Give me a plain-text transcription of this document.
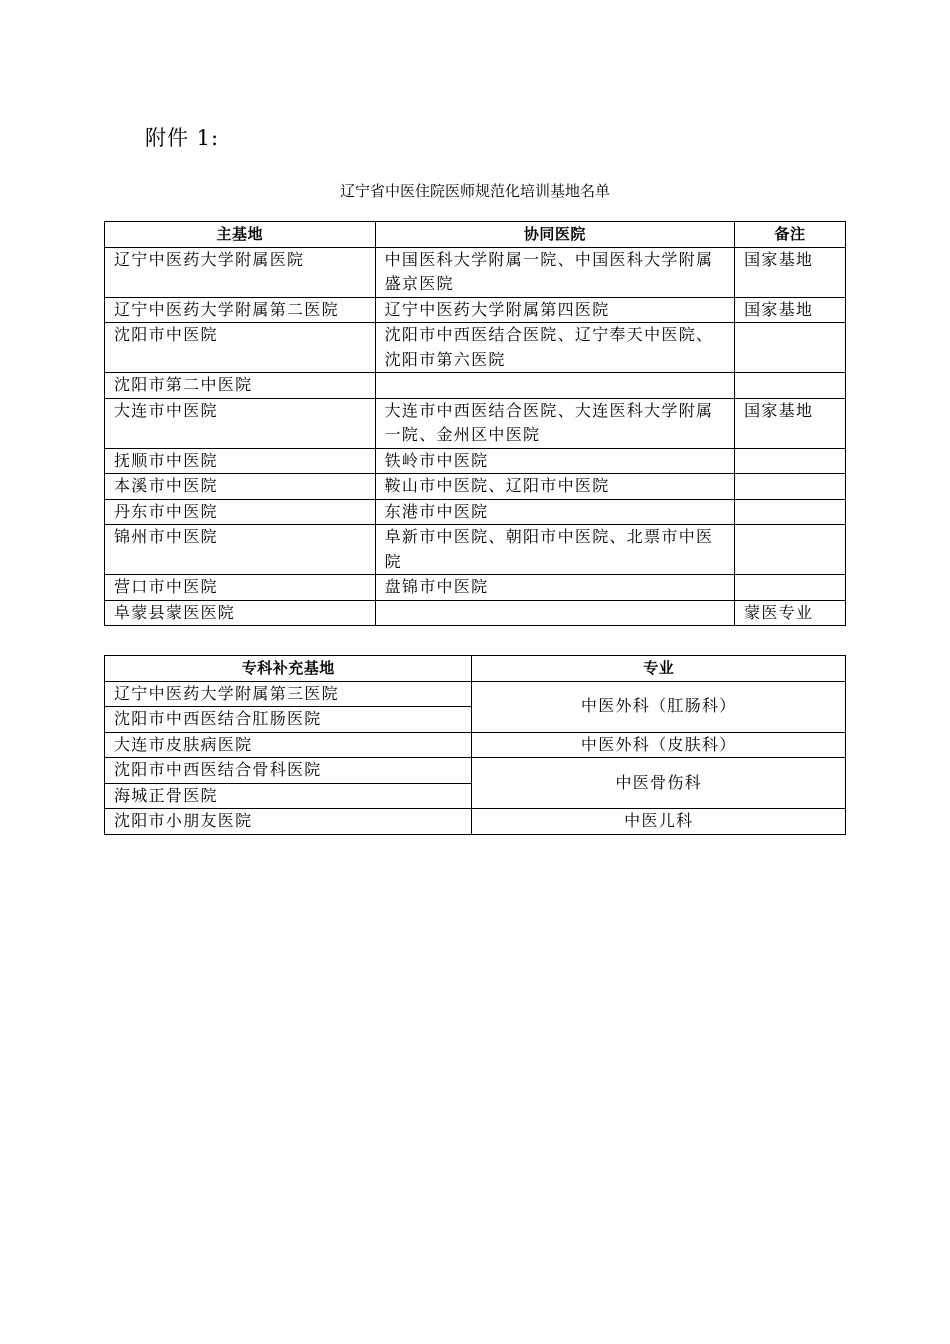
附件 1:
辽宁省中医住院医师规范化培训基地名单
主基地	协同医院	备注
辽宁中医药大学附属医院	中国医科大学附属一院、中国医科大学附属盛京医院	国家基地
辽宁中医药大学附属第二医院	辽宁中医药大学附属第四医院	国家基地
沈阳市中医院	沈阳市中西医结合医院、辽宁奉天中医院、沈阳市第六医院	
沈阳市第二中医院		
大连市中医院	大连市中西医结合医院、大连医科大学附属一院、金州区中医院	国家基地
抚顺市中医院	铁岭市中医院	
本溪市中医院	鞍山市中医院、辽阳市中医院	
丹东市中医院	东港市中医院	
锦州市中医院	阜新市中医院、朝阳市中医院、北票市中医院	
营口市中医院	盘锦市中医院	
阜蒙县蒙医医院		蒙医专业
专科补充基地	专业
辽宁中医药大学附属第三医院	中医外科（肛肠科）
沈阳市中西医结合肛肠医院	
大连市皮肤病医院	中医外科（皮肤科）
沈阳市中西医结合骨科医院	中医骨伤科
海城正骨医院	
沈阳市小朋友医院	中医儿科
